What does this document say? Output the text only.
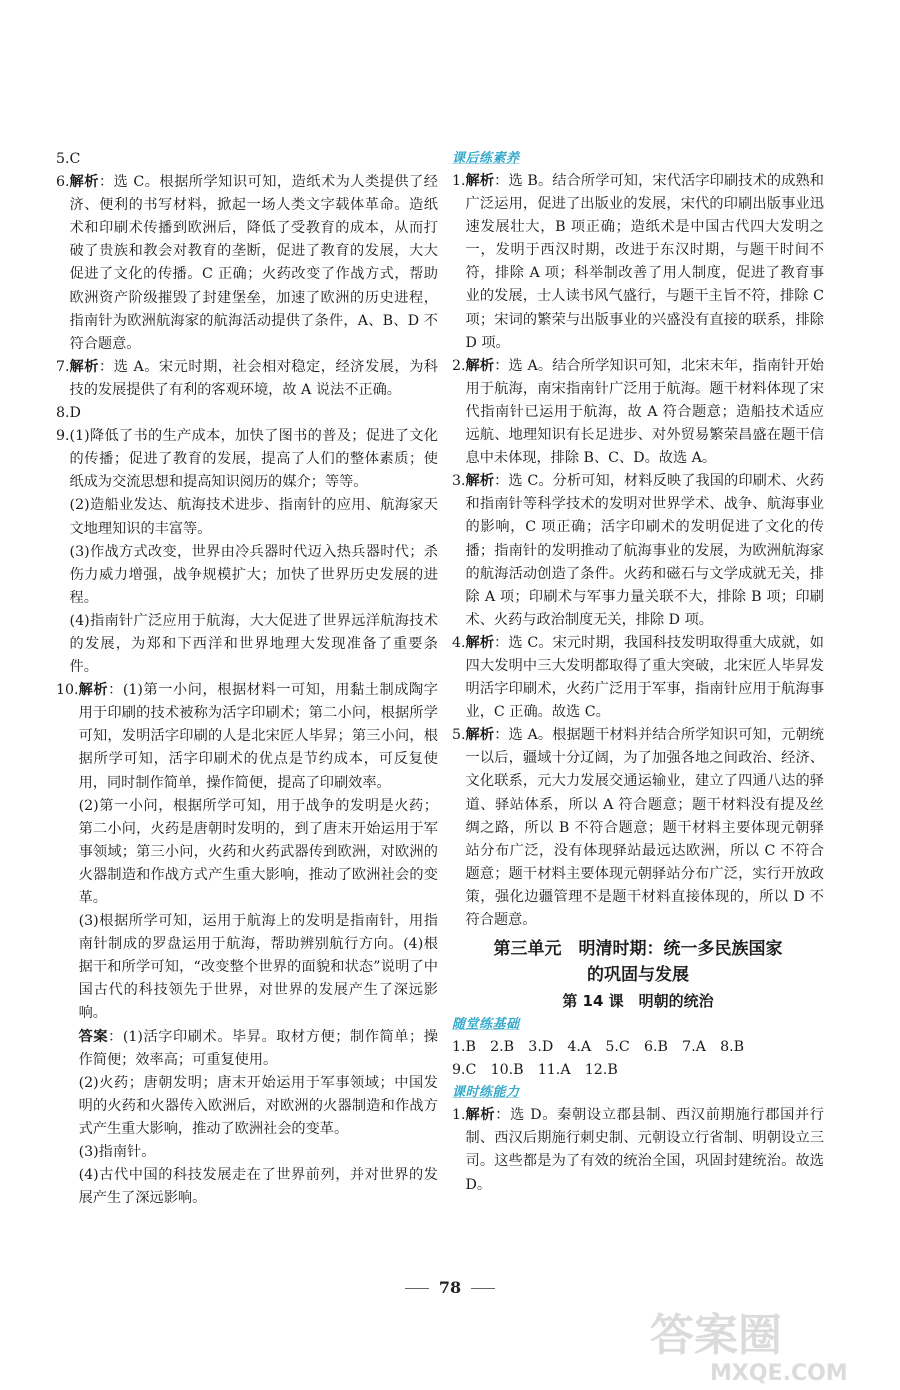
5. C
6. 解析：选 C。根据所学知识可知，造纸术为人类提供了经济、便利的书写材料，掀起一场人类文字载体革命。造纸术和印刷术传播到欧洲后，降低了受教育的成本，从而打破了贵族和教会对教育的垄断，促进了教育的发展，大大促进了文化的传播。C 正确；火药改变了作战方式，帮助欧洲资产阶级摧毁了封建堡垒，加速了欧洲的历史进程，指南针为欧洲航海家的航海活动提供了条件，A、B、D 不符合题意。
7. 解析：选 A。宋元时期，社会相对稳定，经济发展，为科技的发展提供了有利的客观环境，故 A 说法不正确。
8. D
9. (1)降低了书的生产成本，加快了图书的普及；促进了文化的传播；促进了教育的发展，提高了人们的整体素质；使纸成为交流思想和提高知识阅历的媒介；等等。
(2)造船业发达、航海技术进步、指南针的应用、航海家天文地理知识的丰富等。
(3)作战方式改变，世界由冷兵器时代迈入热兵器时代；杀伤力威力增强，战争规模扩大；加快了世界历史发展的进程。
(4)指南针广泛应用于航海，大大促进了世界远洋航海技术的发展，为郑和下西洋和世界地理大发现准备了重要条件。
10. 解析：(1)第一小问，根据材料一可知，用黏土制成陶字用于印刷的技术被称为活字印刷术；第二小问，根据所学可知，发明活字印刷的人是北宋匠人毕昇；第三小问，根据所学可知，活字印刷术的优点是节约成本，可反复使用，同时制作简单，操作简便，提高了印刷效率。
(2)第一小问，根据所学可知，用于战争的发明是火药；第二小问，火药是唐朝时发明的，到了唐末开始运用于军事领域；第三小问，火药和火药武器传到欧洲，对欧洲的火器制造和作战方式产生重大影响，推动了欧洲社会的变革。
(3)根据所学可知，运用于航海上的发明是指南针，用指南针制成的罗盘运用于航海，帮助辨别航行方向。(4)根据干和所学可知，“改变整个世界的面貌和状态”说明了中国古代的科技领先于世界，对世界的发展产生了深远影响。
答案：(1)活字印刷术。毕昇。取材方便；制作简单；操作简便；效率高；可重复使用。
(2)火药；唐朝发明；唐末开始运用于军事领域；中国发明的火药和火器传入欧洲后，对欧洲的火器制造和作战方式产生重大影响，推动了欧洲社会的变革。
(3)指南针。
(4)古代中国的科技发展走在了世界前列，并对世界的发展产生了深远影响。
课后练素养
1. 解析：选 B。结合所学可知，宋代活字印刷技术的成熟和广泛运用，促进了出版业的发展，宋代的印刷出版事业迅速发展壮大，B 项正确；造纸术是中国古代四大发明之一，发明于西汉时期，改进于东汉时期，与题干时间不符，排除 A 项；科举制改善了用人制度，促进了教育事业的发展，士人读书风气盛行，与题干主旨不符，排除 C 项；宋词的繁荣与出版事业的兴盛没有直接的联系，排除 D 项。
2. 解析：选 A。结合所学知识可知，北宋末年，指南针开始用于航海，南宋指南针广泛用于航海。题干材料体现了宋代指南针已运用于航海，故 A 符合题意；造船技术适应远航、地理知识有长足进步、对外贸易繁荣昌盛在题干信息中未体现，排除 B、C、D。故选 A。
3. 解析：选 C。分析可知，材料反映了我国的印刷术、火药和指南针等科学技术的发明对世界学术、战争、航海事业的影响，C 项正确；活字印刷术的发明促进了文化的传播；指南针的发明推动了航海事业的发展，为欧洲航海家的航海活动创造了条件。火药和磁石与文学成就无关，排除 A 项；印刷术与军事力量关联不大，排除 B 项；印刷术、火药与政治制度无关，排除 D 项。
4. 解析：选 C。宋元时期，我国科技发明取得重大成就，如四大发明中三大发明都取得了重大突破，北宋匠人毕昇发明活字印刷术，火药广泛用于军事，指南针应用于航海事业，C 正确。故选 C。
5. 解析：选 A。根据题干材料并结合所学知识可知，元朝统一以后，疆域十分辽阔，为了加强各地之间政治、经济、文化联系，元大力发展交通运输业，建立了四通八达的驿道、驿站体系，所以 A 符合题意；题干材料没有提及丝绸之路，所以 B 不符合题意；题干材料主要体现元朝驿站分布广泛，没有体现驿站最远达欧洲，所以 C 不符合题意；题干材料主要体现元朝驿站分布广泛，实行开放政策，强化边疆管理不是题干材料直接体现的，所以 D 不符合题意。
第三单元　明清时期：统一多民族国家
的巩固与发展
第 14 课　明朝的统治
随堂练基础
1.B　2.B　3.D　4.A　5.C　6.B　7.A　8.B
9.C　10.B　11.A　12.B
课时练能力
1. 解析：选 D。秦朝设立郡县制、西汉前期施行郡国并行制、西汉后期施行刺史制、元朝设立行省制、明朝设立三司。这些都是为了有效的统治全国，巩固封建统治。故选 D。
78
答案圈
MXQE.COM
